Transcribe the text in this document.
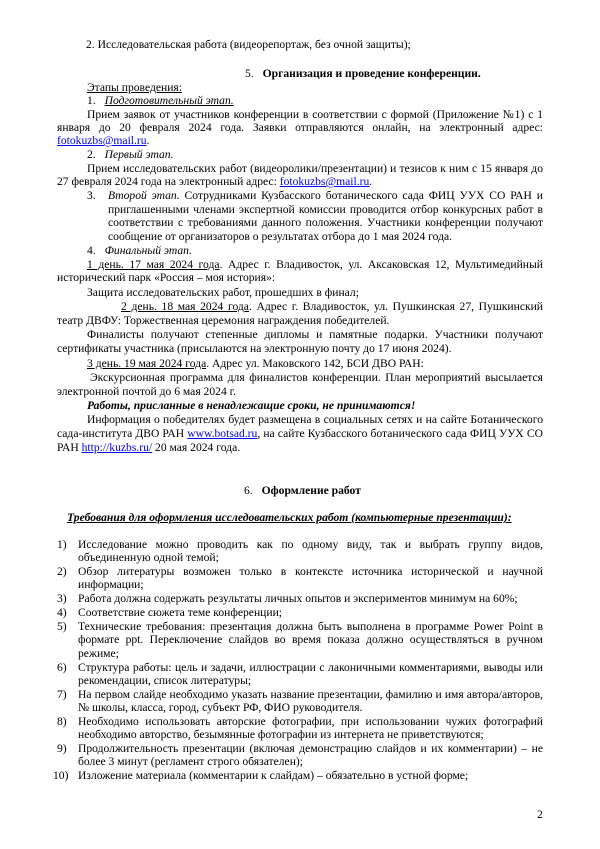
2. Исследовательская работа (видеорепортаж, без очной защиты);
5. Организация и проведение конференции.
Этапы проведения:
1. Подготовительный этап.
Прием заявок от участников конференции в соответствии с формой (Приложение №1) с 1
января до 20 февраля 2024 года. Заявки отправляются онлайн, на электронный адрес:
fotokuzbs@mail.ru.
2. Первый этап.
Прием исследовательских работ (видеоролики/презентации) и тезисов к ним с 15 января до
27 февраля 2024 года на электронный адрес: fotokuzbs@mail.ru.
3. Второй этап. Сотрудниками Кузбасского ботанического сада ФИЦ УУХ СО РАН и
приглашенными членами экспертной комиссии проводится отбор конкурсных работ в
соответствии с требованиями данного положения. Участники конференции получают
сообщение от организаторов о результатах отбора до 1 мая 2024 года.
4. Финальный этап.
1 день. 17 мая 2024 года. Адрес г. Владивосток, ул. Аксаковская 12, Мультимедийный
исторический парк «Россия – моя история»:
Защита исследовательских работ, прошедших в финал;
2 день. 18 мая 2024 года. Адрес г. Владивосток, ул. Пушкинская 27, Пушкинский
театр ДВФУ: Торжественная церемония награждения победителей.
Финалисты получают степенные дипломы и памятные подарки. Участники получают
сертификаты участника (присылаются на электронную почту до 17 июня 2024).
3 день. 19 мая 2024 года. Адрес ул. Маковского 142, БСИ ДВО РАН:
Экскурсионная программа для финалистов конференции. План мероприятий высылается
электронной почтой до 6 мая 2024 г.
Работы, присланные в ненадлежащие сроки, не принимаются!
Информация о победителях будет размещена в социальных сетях и на сайте Ботанического
сада-института ДВО РАН www.botsad.ru, на сайте Кузбасского ботанического сада ФИЦ УУХ СО
РАН http://kuzbs.ru/ 20 мая 2024 года.
6. Оформление работ
Требования для оформления исследовательских работ (компьютерные презентации):
1) Исследование можно проводить как по одному виду, так и выбрать группу видов,
объединенную одной темой;
2) Обзор литературы возможен только в контексте источника исторической и научной
информации;
3) Работа должна содержать результаты личных опытов и экспериментов минимум на 60%;
4) Соответствие сюжета теме конференции;
5) Технические требования: презентация должна быть выполнена в программе Power Point в
формате ppt. Переключение слайдов во время показа должно осуществляться в ручном
режиме;
6) Структура работы: цель и задачи, иллюстрации с лаконичными комментариями, выводы или
рекомендации, список литературы;
7) На первом слайде необходимо указать название презентации, фамилию и имя автора/авторов,
№ школы, класса, город, субъект РФ, ФИО руководителя.
8) Необходимо использовать авторские фотографии, при использовании чужих фотографий
необходимо авторство, безымянные фотографии из интернета не приветствуются;
9) Продолжительность презентации (включая демонстрацию слайдов и их комментарии) – не
более 3 минут (регламент строго обязателен);
10) Изложение материала (комментарии к слайдам) – обязательно в устной форме;
2
